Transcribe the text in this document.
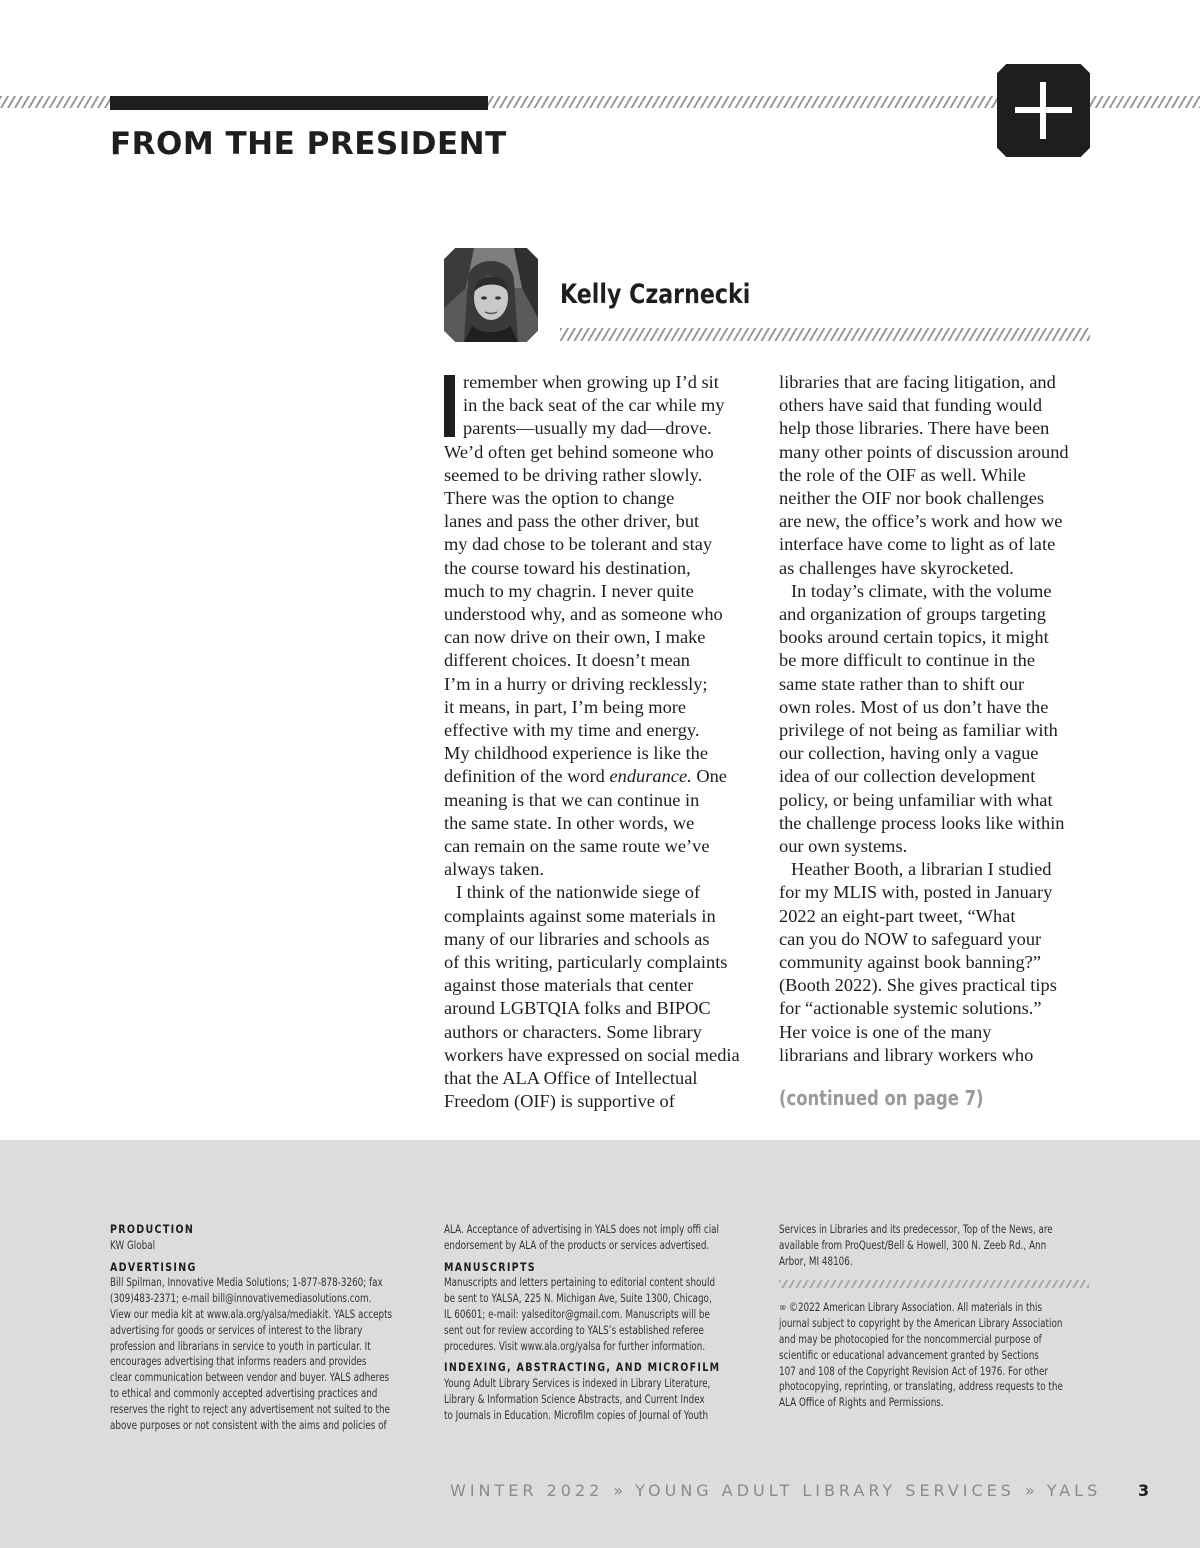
FROM THE PRESIDENT
Kelly Czarnecki

remember when growing up I’d sit
in the back seat of the car while my
parents—usually my dad—drove.
We’d often get behind someone who
seemed to be driving rather slowly.
There was the option to change
lanes and pass the other driver, but
my dad chose to be tolerant and stay
the course toward his destination,
much to my chagrin. I never quite
understood why, and as someone who
can now drive on their own, I make
different choices. It doesn’t mean
I’m in a hurry or driving recklessly;
it means, in part, I’m being more
effective with my time and energy.
My childhood experience is like the
definition of the word endurance. One
meaning is that we can continue in
the same state. In other words, we
can remain on the same route we’ve
always taken.

I think of the nationwide siege of
complaints against some materials in
many of our libraries and schools as
of this writing, particularly complaints
against those materials that center
around LGBTQIA folks and BIPOC
authors or characters. Some library
workers have expressed on social media
that the ALA Office of Intellectual
Freedom (OIF) is supportive of

libraries that are facing litigation, and
others have said that funding would
help those libraries. There have been
many other points of discussion around
the role of the OIF as well. While
neither the OIF nor book challenges
are new, the office’s work and how we
interface have come to light as of late
as challenges have skyrocketed.

In today’s climate, with the volume
and organization of groups targeting
books around certain topics, it might
be more difficult to continue in the
same state rather than to shift our
own roles. Most of us don’t have the
privilege of not being as familiar with
our collection, having only a vague
idea of our collection development
policy, or being unfamiliar with what
the challenge process looks like within
our own systems.

Heather Booth, a librarian I studied
for my MLIS with, posted in January
2022 an eight-part tweet, “What
can you do NOW to safeguard your
community against book banning?”
(Booth 2022). She gives practical tips
for “actionable systemic solutions.”
Her voice is one of the many
librarians and library workers who

(continued on page 7)
PRODUCTION
KW Global
ADVERTISING
Bill Spilman, Innovative Media Solutions; 1-877-878-3260; fax
(309)483-2371; e-mail bill@innovativemediasolutions.com.
View our media kit at www.ala.org/yalsa/mediakit. YALS accepts
advertising for goods or services of interest to the library
profession and librarians in service to youth in particular. It
encourages advertising that informs readers and provides
clear communication between vendor and buyer. YALS adheres
to ethical and commonly accepted advertising practices and
reserves the right to reject any advertisement not suited to the
above purposes or not consistent with the aims and policies of
ALA. Acceptance of advertising in YALS does not imply offi cial
endorsement by ALA of the products or services advertised.
MANUSCRIPTS
Manuscripts and letters pertaining to editorial content should
be sent to YALSA, 225 N. Michigan Ave, Suite 1300, Chicago,
IL 60601; e-mail: yalseditor@gmail.com. Manuscripts will be
sent out for review according to YALS’s established referee
procedures. Visit www.ala.org/yalsa for further information.
INDEXING, ABSTRACTING, AND MICROFILM
Young Adult Library Services is indexed in Library Literature,
Library & Information Science Abstracts, and Current Index
to Journals in Education. Microfilm copies of Journal of Youth
Services in Libraries and its predecessor, Top of the News, are
available from ProQuest/Bell & Howell, 300 N. Zeeb Rd., Ann
Arbor, MI 48106.
∞ ©2022 American Library Association. All materials in this
journal subject to copyright by the American Library Association
and may be photocopied for the noncommercial purpose of
scientific or educational advancement granted by Sections
107 and 108 of the Copyright Revision Act of 1976. For other
photocopying, reprinting, or translating, address requests to the
ALA Office of Rights and Permissions.
WINTER 2022 » YOUNG ADULT LIBRARY SERVICES » YALS 3
